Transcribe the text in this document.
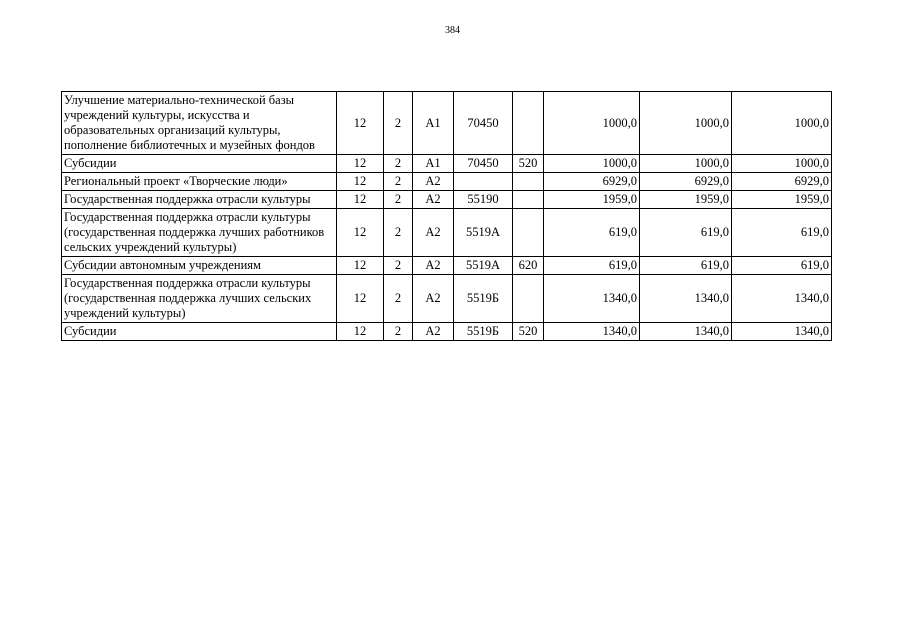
384
Улучшение материально-технической базы учреждений культуры, искусства и образовательных организаций культуры, пополнение библиотечных и музейных фондов	12	2	А1	70450		1000,0	1000,0	1000,0
Субсидии	12	2	А1	70450	520	1000,0	1000,0	1000,0
Региональный проект «Творческие люди»	12	2	А2			6929,0	6929,0	6929,0
Государственная поддержка отрасли культуры	12	2	А2	55190		1959,0	1959,0	1959,0
Государственная поддержка отрасли культуры (государственная поддержка лучших работников сельских учреждений культуры)	12	2	А2	5519А		619,0	619,0	619,0
Субсидии автономным учреждениям	12	2	А2	5519А	620	619,0	619,0	619,0
Государственная поддержка отрасли культуры (государственная поддержка лучших сельских учреждений культуры)	12	2	А2	5519Б		1340,0	1340,0	1340,0
Субсидии	12	2	А2	5519Б	520	1340,0	1340,0	1340,0
